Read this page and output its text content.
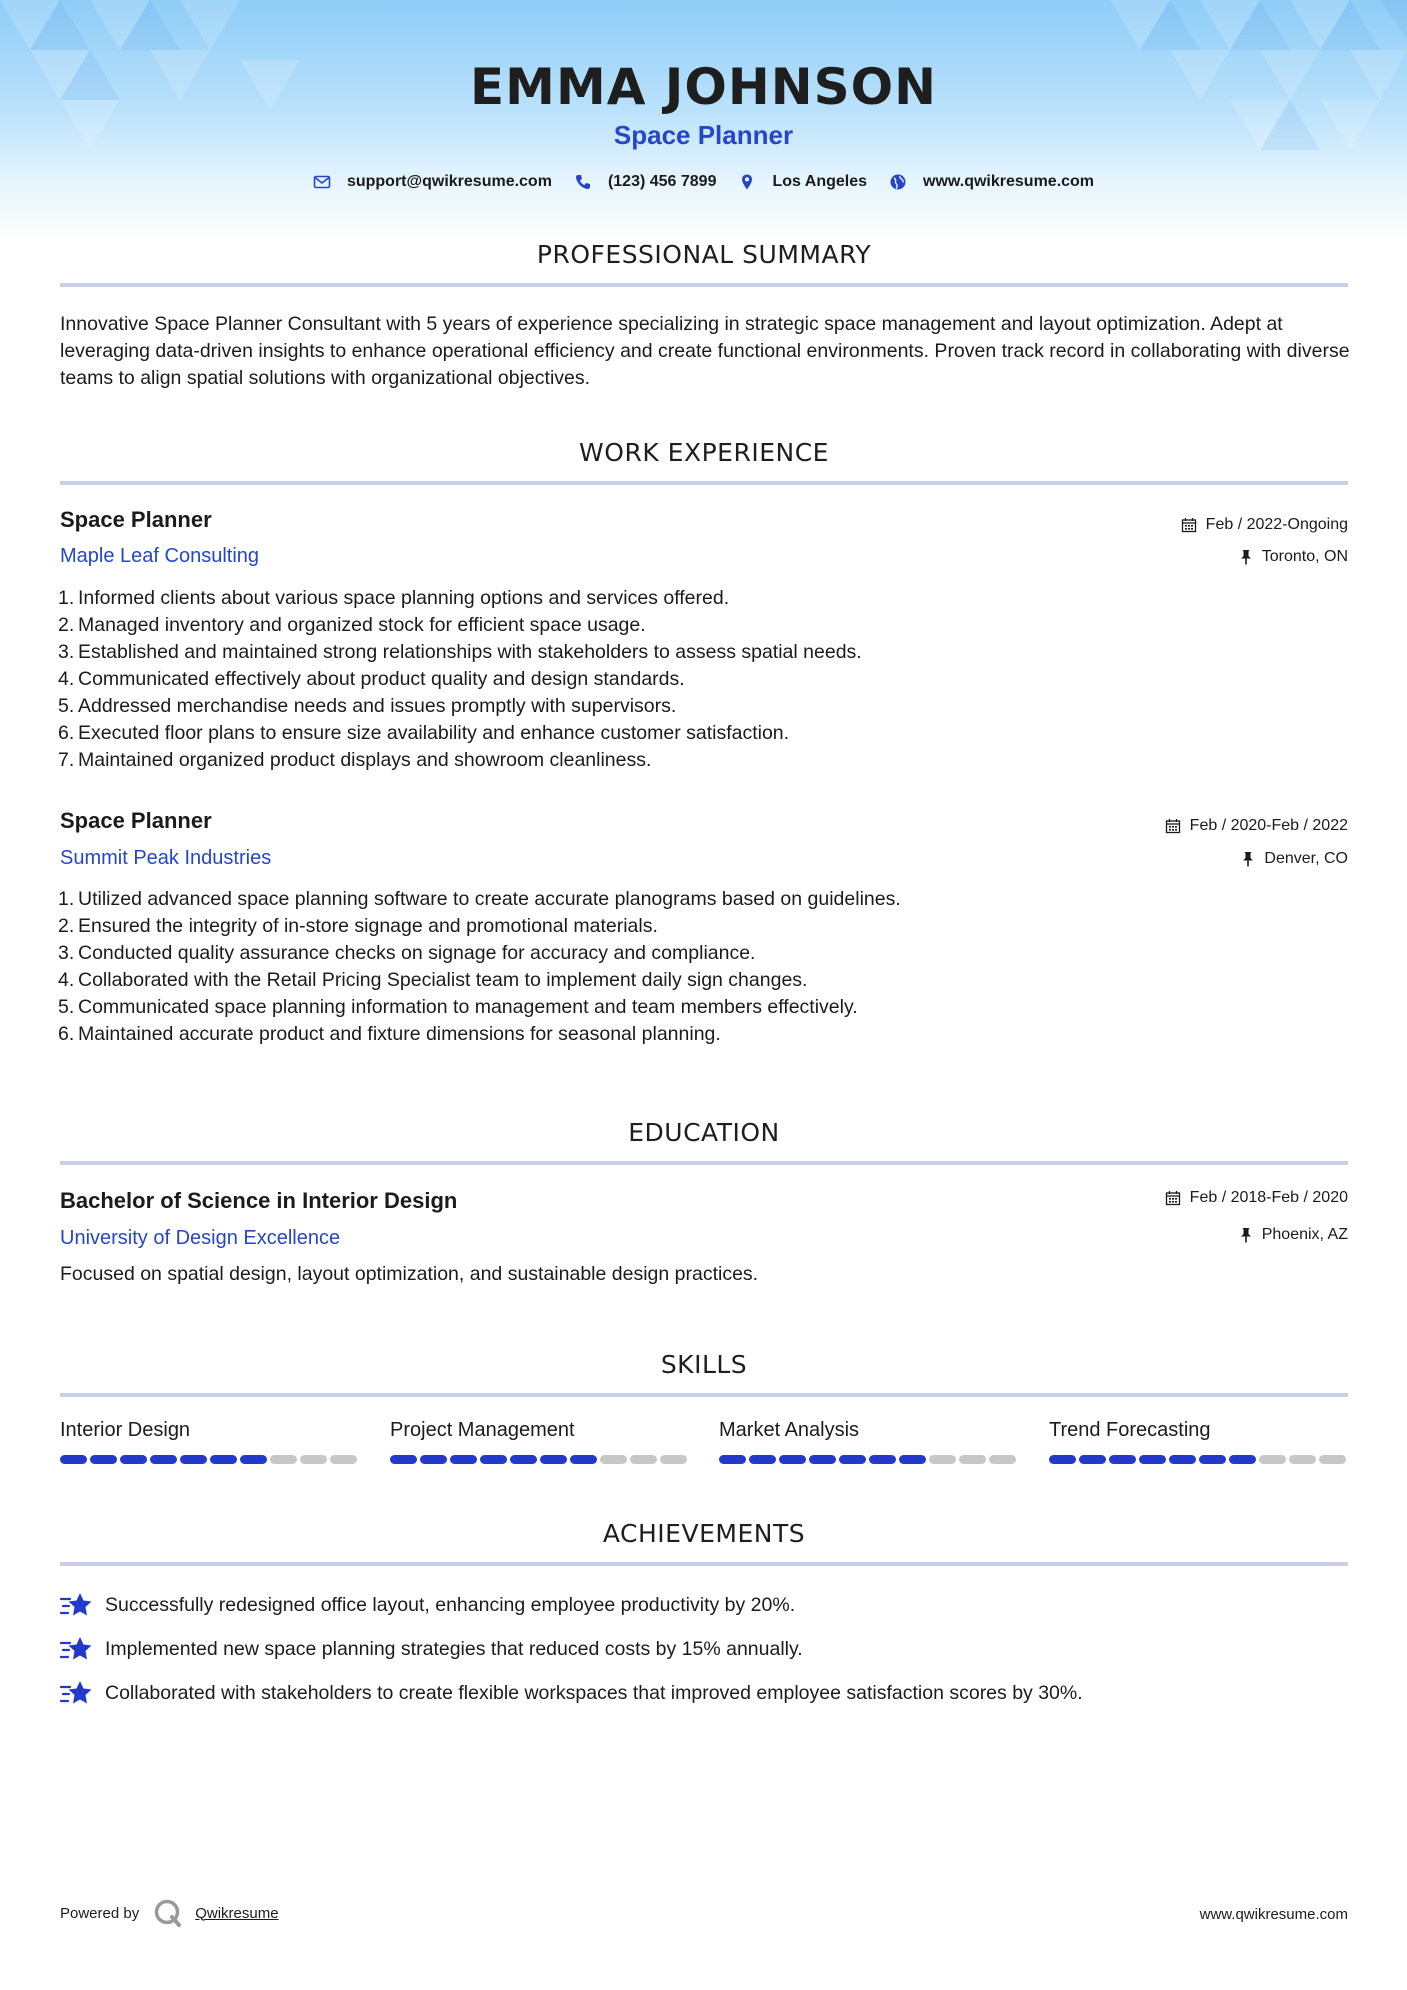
EMMA JOHNSON
Space Planner
support@qwikresume.com	(123) 456 7899	Los Angeles	www.qwikresume.com
PROFESSIONAL SUMMARY
Innovative Space Planner Consultant with 5 years of experience specializing in strategic space management and layout optimization. Adept at leveraging data-driven insights to enhance operational efficiency and create functional environments. Proven track record in collaborating with diverse teams to align spatial solutions with organizational objectives.
WORK EXPERIENCE
Space Planner
Maple Leaf Consulting
Feb / 2022-Ongoing
Toronto, ON
1. Informed clients about various space planning options and services offered.
2. Managed inventory and organized stock for efficient space usage.
3. Established and maintained strong relationships with stakeholders to assess spatial needs.
4. Communicated effectively about product quality and design standards.
5. Addressed merchandise needs and issues promptly with supervisors.
6. Executed floor plans to ensure size availability and enhance customer satisfaction.
7. Maintained organized product displays and showroom cleanliness.
Space Planner
Summit Peak Industries
Feb / 2020-Feb / 2022
Denver, CO
1. Utilized advanced space planning software to create accurate planograms based on guidelines.
2. Ensured the integrity of in-store signage and promotional materials.
3. Conducted quality assurance checks on signage for accuracy and compliance.
4. Collaborated with the Retail Pricing Specialist team to implement daily sign changes.
5. Communicated space planning information to management and team members effectively.
6. Maintained accurate product and fixture dimensions for seasonal planning.
EDUCATION
Bachelor of Science in Interior Design
University of Design Excellence
Feb / 2018-Feb / 2020
Phoenix, AZ
Focused on spatial design, layout optimization, and sustainable design practices.
SKILLS
Interior Design	Project Management	Market Analysis	Trend Forecasting
ACHIEVEMENTS
Successfully redesigned office layout, enhancing employee productivity by 20%.
Implemented new space planning strategies that reduced costs by 15% annually.
Collaborated with stakeholders to create flexible workspaces that improved employee satisfaction scores by 30%.
Powered by	Qwikresume	www.qwikresume.com
